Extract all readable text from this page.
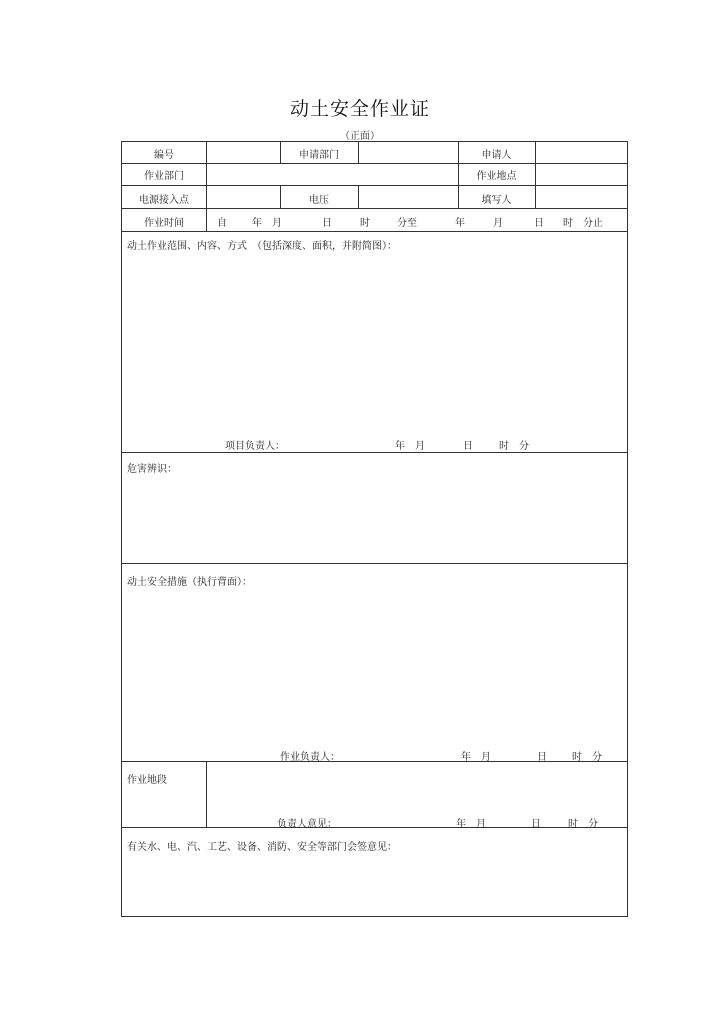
动土安全作业证
（正面）
编号	申请部门	申请人
作业部门	作业地点
电源接入点	电压	填写人
作业时间	自	年　月	日	时	分至	年	月	日 时　分止
动土作业范围、内容、方式　（包括深度、面积，并附简图）：
项目负责人：	年　月	日	时　分
危害辨识：
动土安全措施（执行背面）：
作业负责人：	年　月	日	时　分
作业地段
负责人意见：	年　月	日	时　分
有关水、电、汽、工艺、设备、消防、安全等部门会签意见：
